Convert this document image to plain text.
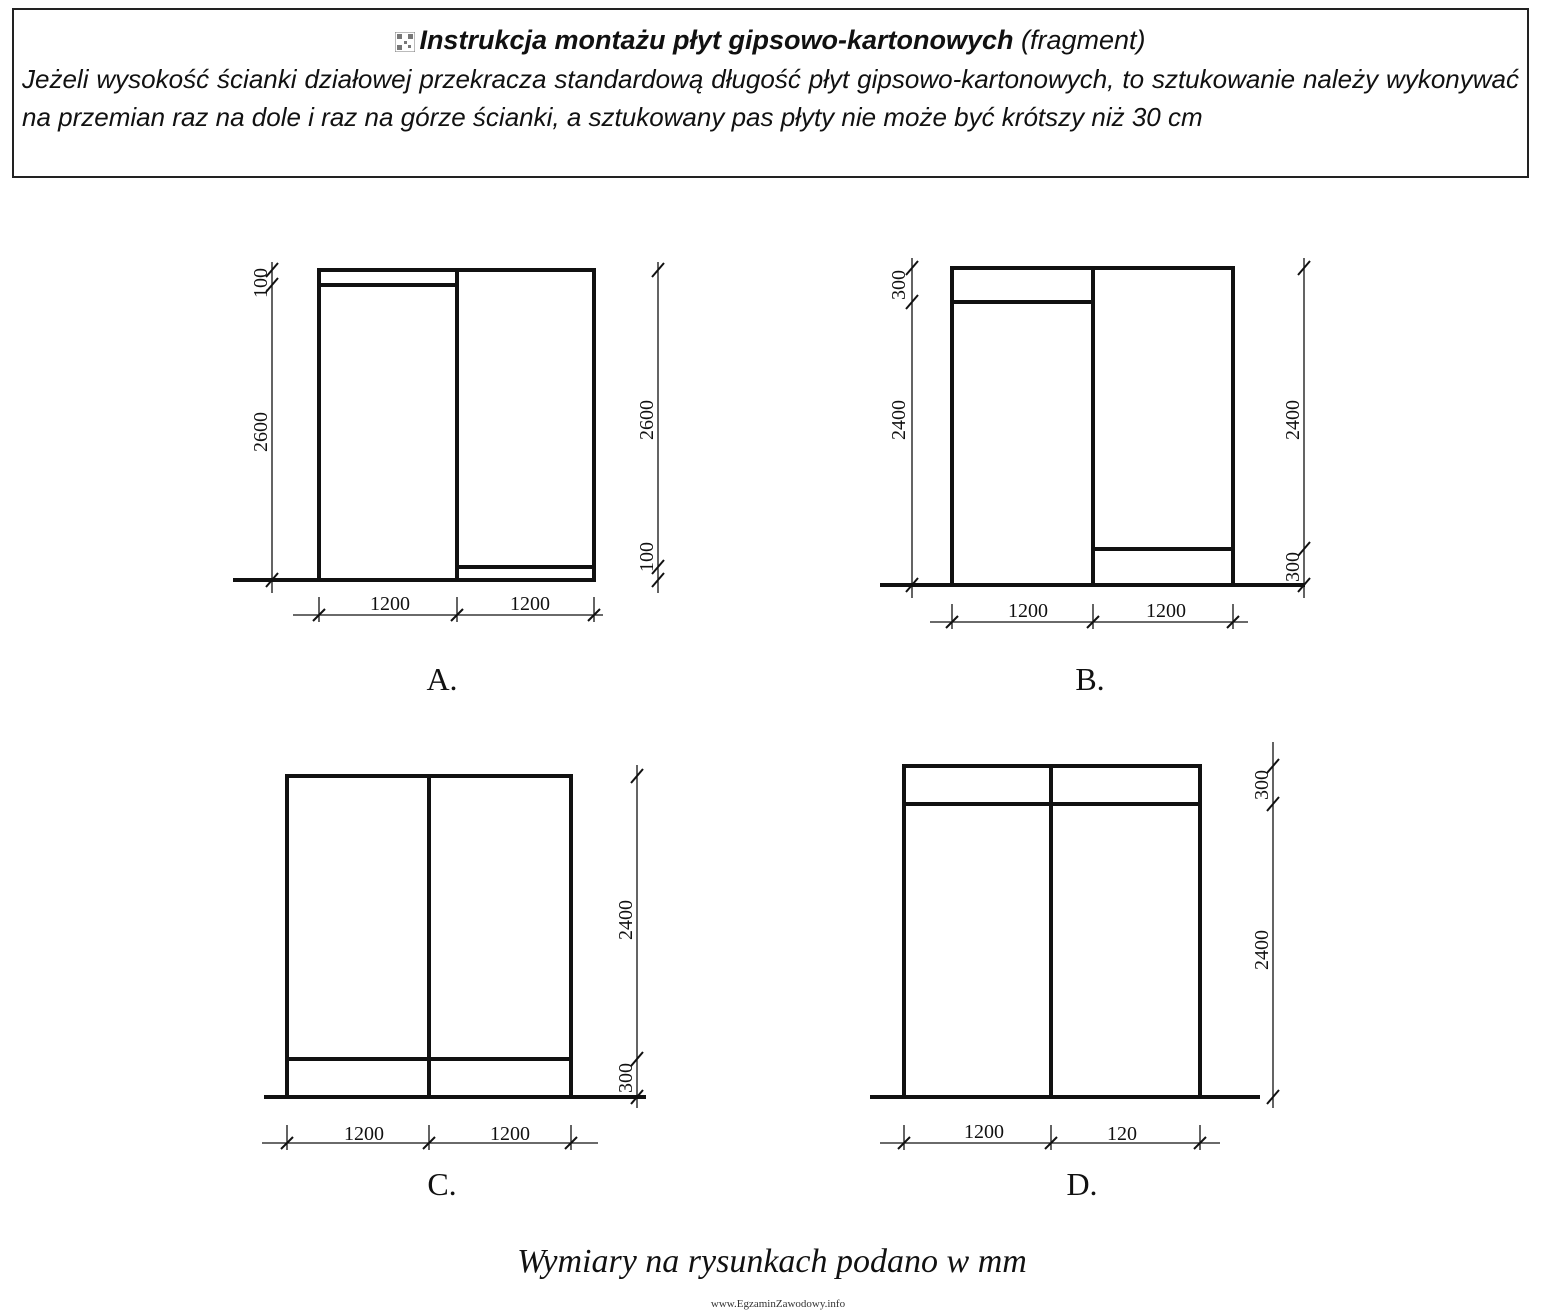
Instrukcja montażu płyt gipsowo-kartonowych (fragment)
Jeżeli wysokość ścianki działowej przekracza standardową długość płyt gipsowo-kartonowych, to sztukowanie należy wykonywać na przemian raz na dole i raz na górze ścianki, a sztukowany pas płyty nie może być krótszy niż 30 cm
100
2600	2600
100
1200	1200
A.
300
2400	2400
300
1200	1200
B.
2400
300
1200	1200
C.
300
2400
1200	120
D.
Wymiary na rysunkach podano w mm
www.EgzaminZawodowy.info
